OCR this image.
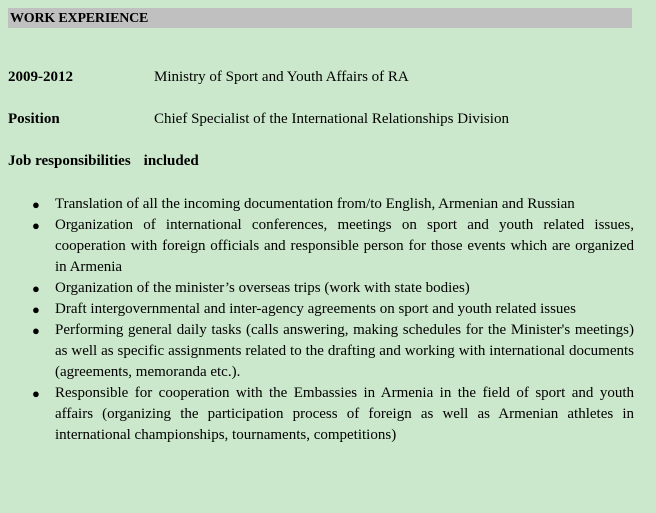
WORK EXPERIENCE
2009-2012	Ministry of Sport and Youth Affairs of RA
Position	Chief Specialist of the International Relationships Division
Job responsibilities included
● Translation of all the incoming documentation from/to English, Armenian and Russian
● Organization of international conferences, meetings on sport and youth related issues, cooperation with foreign officials and responsible person for those events which are organized in Armenia
● Organization of the minister’s overseas trips (work with state bodies)
● Draft intergovernmental and inter-agency agreements on sport and youth related issues
● Performing general daily tasks (calls answering, making schedules for the Minister's meetings) as well as specific assignments related to the drafting and working with international documents (agreements, memoranda etc.).
● Responsible for cooperation with the Embassies in Armenia in the field of sport and youth affairs (organizing the participation process of foreign as well as Armenian athletes in international championships, tournaments, competitions)
